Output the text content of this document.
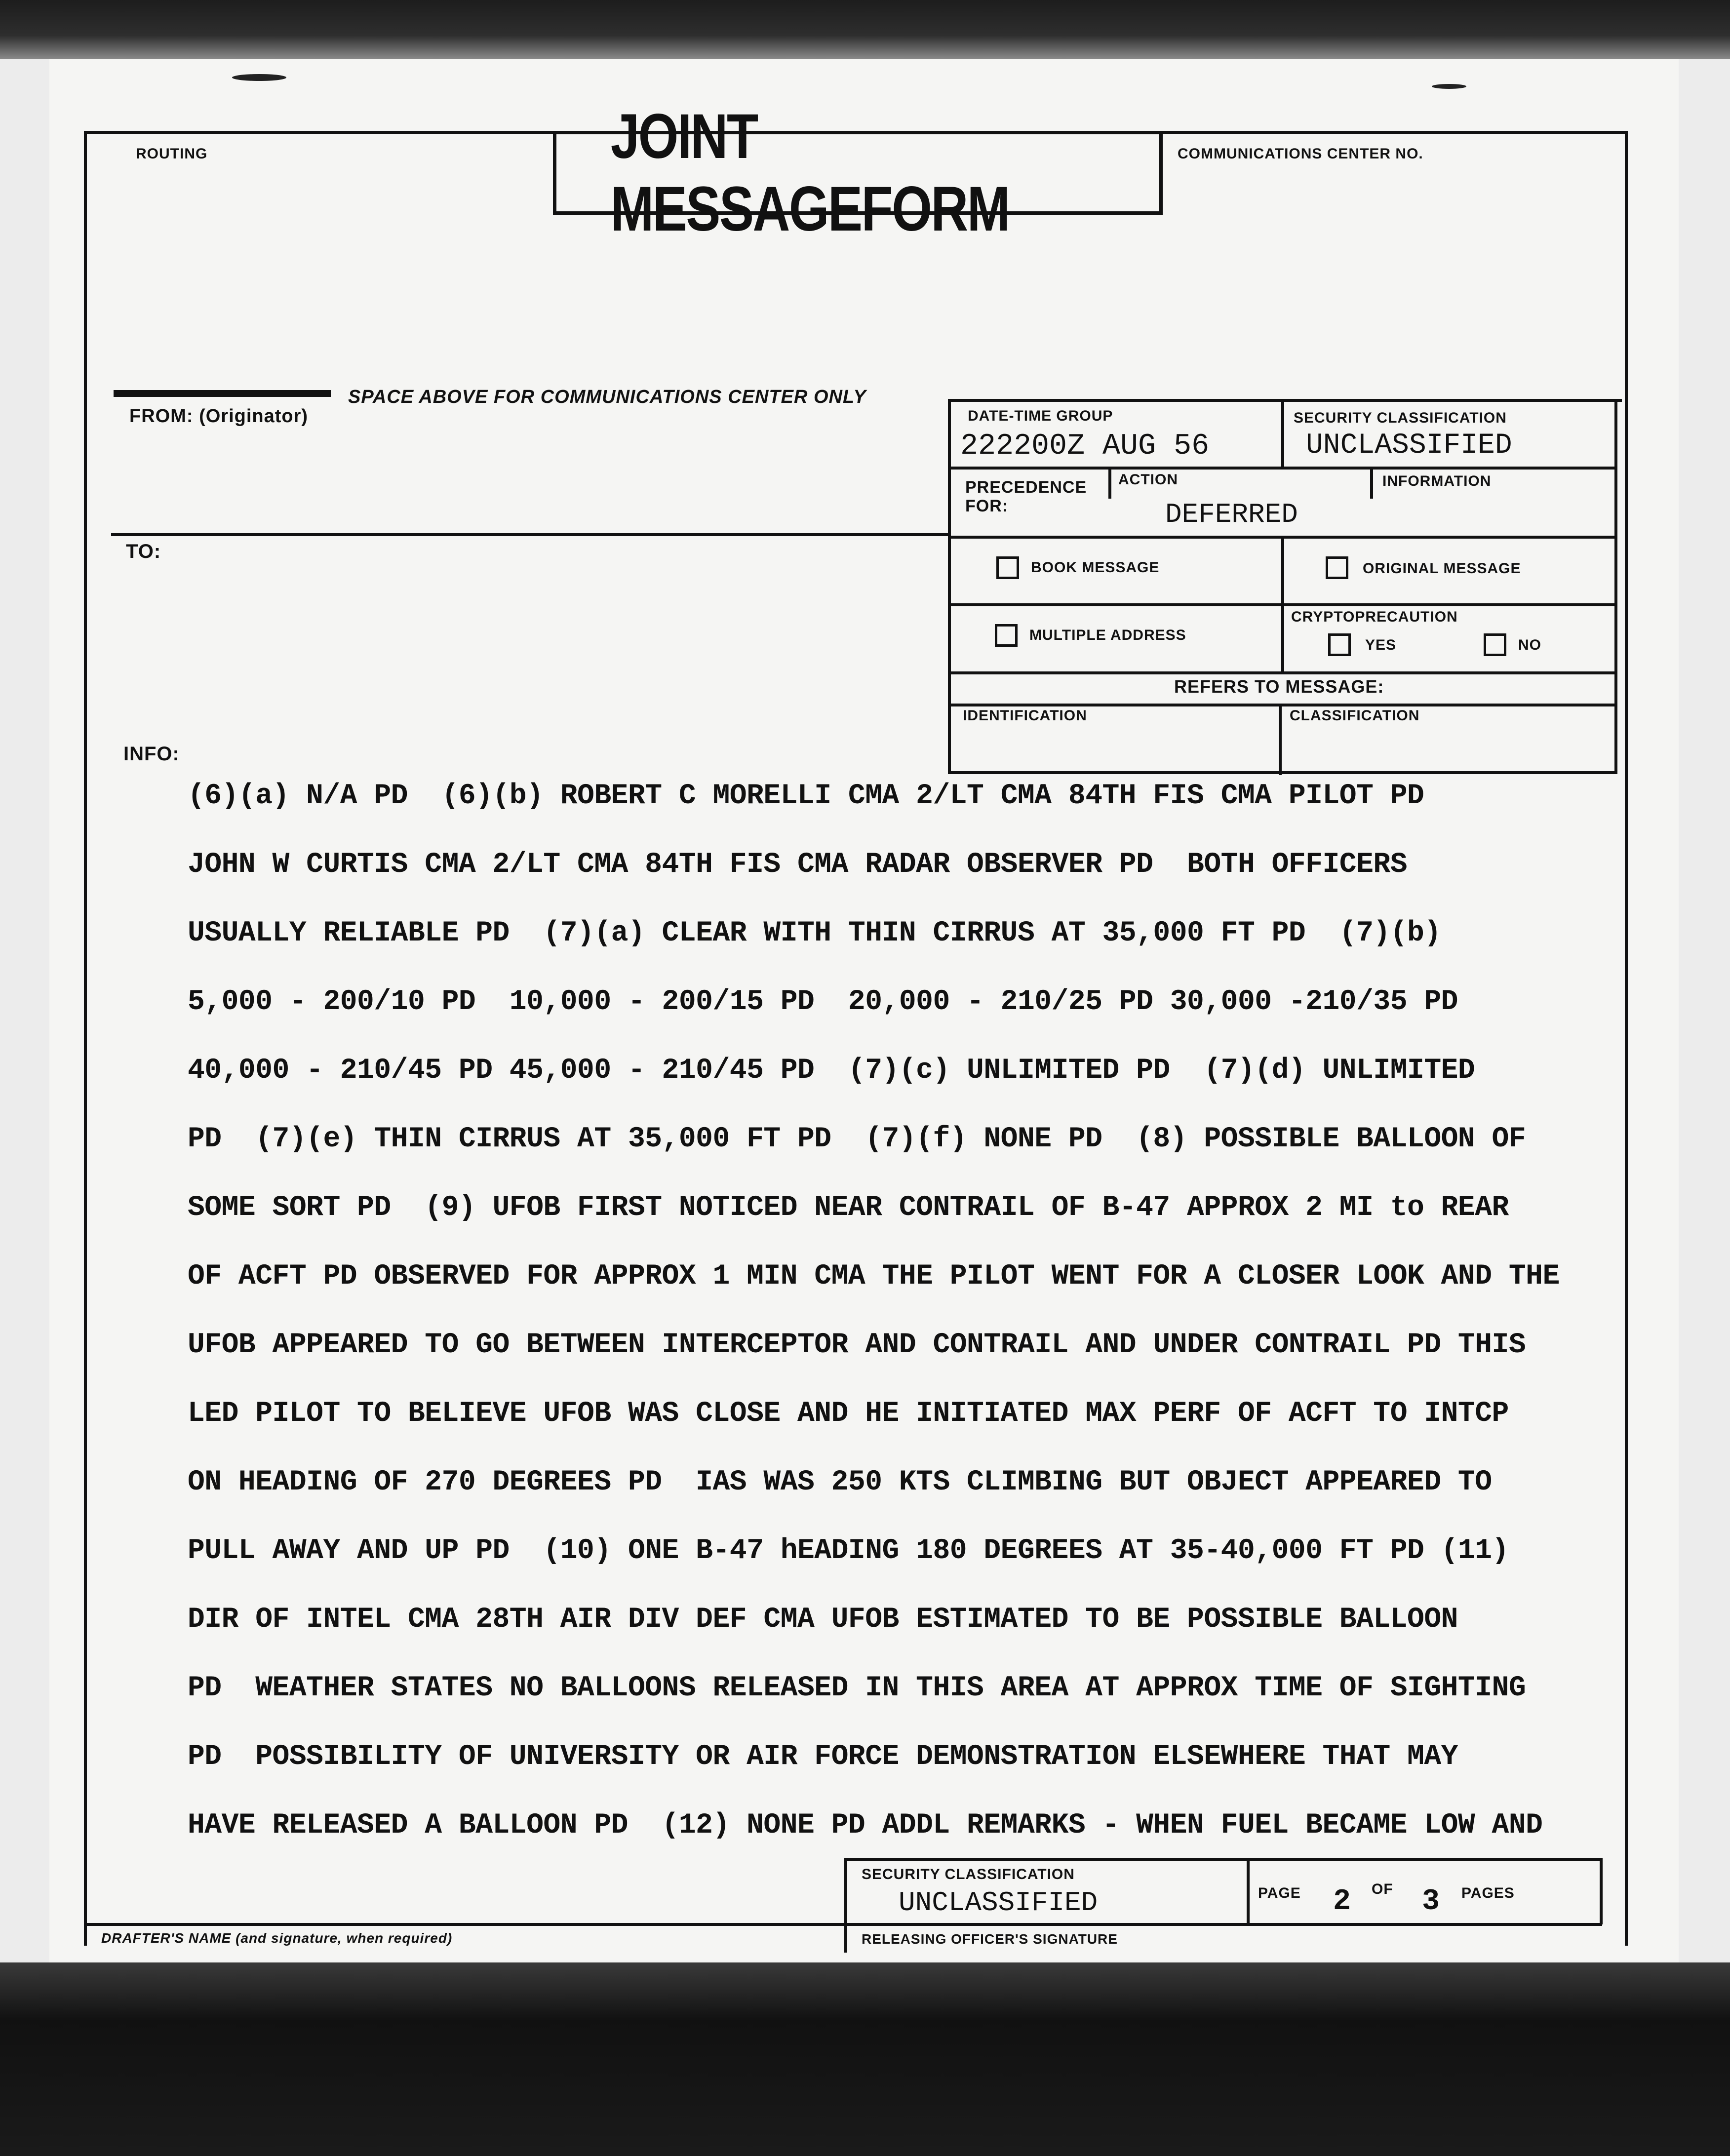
ROUTING	JOINT MESSAGEFORM
COMMUNICATIONS CENTER NO.
SPACE ABOVE FOR COMMUNICATIONS CENTER ONLY
FROM: (Originator)
TO:
INFO:
DATE-TIME GROUP
222200Z AUG 56
SECURITY CLASSIFICATION
UNCLASSIFIED
PRECEDENCE FOR:
ACTION	INFORMATION
DEFERRED
BOOK MESSAGE	ORIGINAL MESSAGE
MULTIPLE ADDRESS
CRYPTOPRECAUTION
YES	NO
REFERS TO MESSAGE:
IDENTIFICATION	CLASSIFICATION
(6)(a) N/A PD  (6)(b) ROBERT C MORELLI CMA 2/LT CMA 84TH FIS CMA PILOT PD
JOHN W CURTIS CMA 2/LT CMA 84TH FIS CMA RADAR OBSERVER PD  BOTH OFFICERS
USUALLY RELIABLE PD  (7)(a) CLEAR WITH THIN CIRRUS AT 35,000 FT PD  (7)(b)
5,000 - 200/10 PD  10,000 - 200/15 PD  20,000 - 210/25 PD 30,000 -210/35 PD
40,000 - 210/45 PD 45,000 - 210/45 PD  (7)(c) UNLIMITED PD  (7)(d) UNLIMITED
PD  (7)(e) THIN CIRRUS AT 35,000 FT PD  (7)(f) NONE PD  (8) POSSIBLE BALLOON OF
SOME SORT PD  (9) UFOB FIRST NOTICED NEAR CONTRAIL OF B-47 APPROX 2 MI to REAR
OF ACFT PD OBSERVED FOR APPROX 1 MIN CMA THE PILOT WENT FOR A CLOSER LOOK AND THE
UFOB APPEARED TO GO BETWEEN INTERCEPTOR AND CONTRAIL AND UNDER CONTRAIL PD THIS
LED PILOT TO BELIEVE UFOB WAS CLOSE AND HE INITIATED MAX PERF OF ACFT TO INTCP
ON HEADING OF 270 DEGREES PD  IAS WAS 250 KTS CLIMBING BUT OBJECT APPEARED TO
PULL AWAY AND UP PD  (10) ONE B-47 hEADING 180 DEGREES AT 35-40,000 FT PD (11)
DIR OF INTEL CMA 28TH AIR DIV DEF CMA UFOB ESTIMATED TO BE POSSIBLE BALLOON
PD  WEATHER STATES NO BALLOONS RELEASED IN THIS AREA AT APPROX TIME OF SIGHTING
PD  POSSIBILITY OF UNIVERSITY OR AIR FORCE DEMONSTRATION ELSEWHERE THAT MAY
HAVE RELEASED A BALLOON PD  (12) NONE PD ADDL REMARKS - WHEN FUEL BECAME LOW AND
SECURITY CLASSIFICATION
UNCLASSIFIED	PAGE 2 OF 3 PAGES
DRAFTER'S NAME (and signature, when required)	RELEASING OFFICER'S SIGNATURE
